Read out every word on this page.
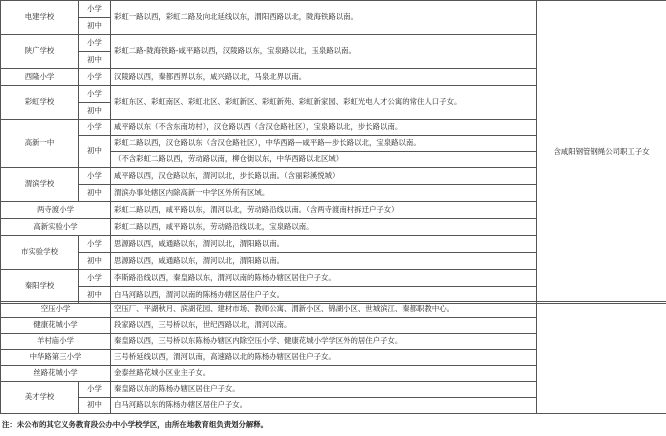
电建学校	小学	彩虹一路以西，彩虹二路及向北延线以东，渭阳西路以北，陇海铁路以南。	含咸阳钢管钢绳公司职工子女
	初中		
陕广学校	小学	彩虹二路-陇海铁路-咸平路以西，汉陵路以东，宝泉路以北，玉泉路以南。	
	初中		
西隆小学	小学	汉陵路以西，秦都西界以东，咸兴路以北，马泉北界以南。	
彩虹学校	小学	彩虹东区、彩虹南区、彩虹北区、彩虹新区、彩虹新苑、彩虹新家园、彩虹光电人才公寓的常住人口子女。	
	初中		
高新一中	小学	咸平路以东（不含东南坊村），汉仓路以西（含汉仓路社区），宝泉路以北，步长路以南。	
	初中	彩虹二路以西，汉仓路以东（含汉仓路社区），中华西路—咸平路—步长路以北，宝泉路以南。	
		（不含彩虹二路以西，劳动路以南，柳仓街以东，中华西路以北区域）	
渭滨学校	小学	咸平路以西，汉仓路以东，渭河以北，步长路以南。（含丽彩溪悦城）	
	初中	渭滨办事处辖区内除高新一中学区外所有区域。	
两寺渡小学		彩虹二路以西，咸平路以东，渭河以北，劳动路沿线以南。（含两寺渡南村拆迁户子女）	
高新实验小学		彩虹二路以西，咸平路以东，劳动路沿线以北，宝泉路以南。	
市实验学校	小学	思源路以西，咸通路以东，渭河以北，渭阳路以南。	
	初中	思源路以西，咸通路以东，渭河以北，渭阳路以南。	
秦阳学校	小学	李斯路沿线以西，秦皇路以东，渭河以南的陈杨办辖区居住户子女。	
	初中	白马河路以西，渭河以南的陈杨办辖区居住户子女。	
空压小学		空压厂、平湖秋月、滨湖花园、建材市场、教师公寓、渭新小区、锦湖小区、世城滨江、秦都职教中心。	
健康花城小学		段家路以西，三号桥以东，世纪西路以北，渭河以南。	
羊村庙小学		秦皇路以西，三号桥以东陈杨办辖区内除空压小学、健康花城小学学区外的居住户子女。	
中华路第三小学		三号桥延线以西，渭河以南，高速路以北的陈杨办辖区居住户子女。	
丝路花城小学		金泰丝路花城小区业主子女。	
美才学校	小学	秦皇路以东的陈杨办辖区居住户子女。	
	初中	白马河路以东的陈杨办辖区居住户子女。	
注：未公布的其它义务教育段公办中小学校学区，由所在地教育组负责划分解释。
